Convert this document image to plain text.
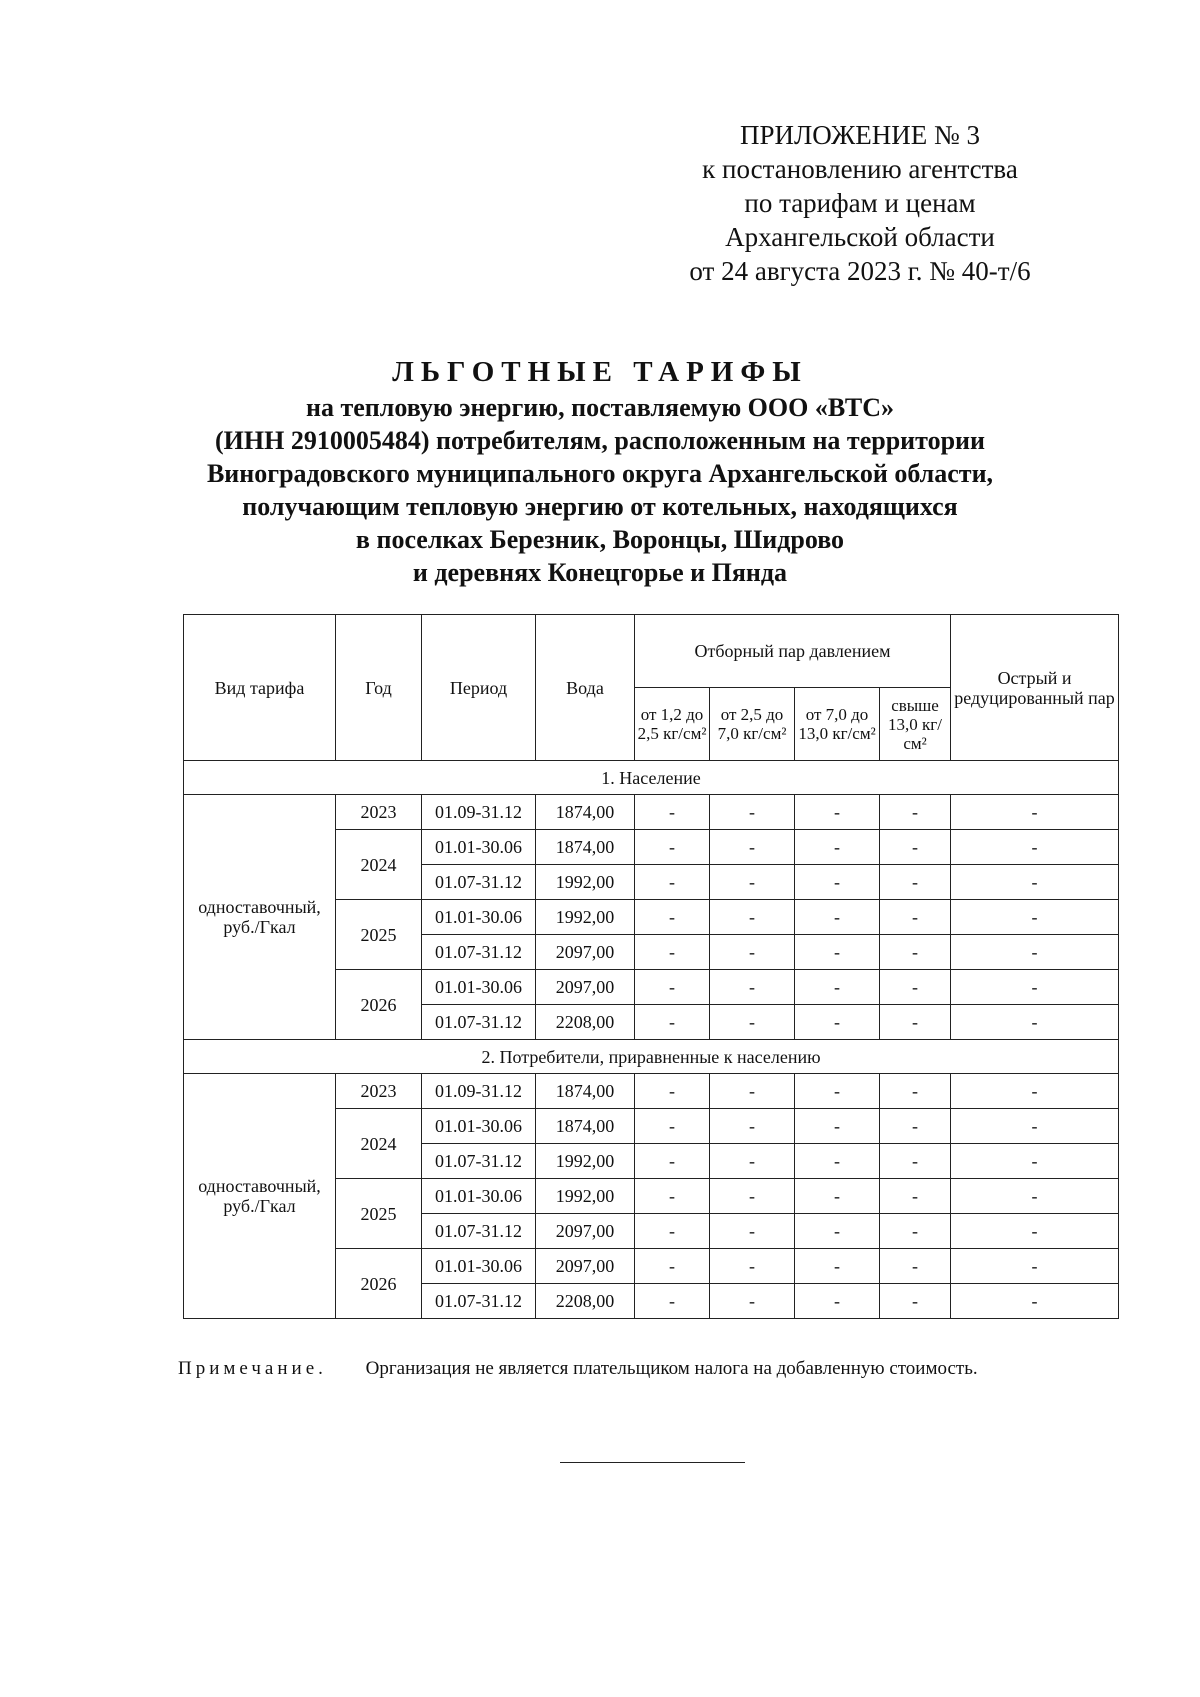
ПРИЛОЖЕНИЕ № 3
к постановлению агентства
по тарифам и ценам
Архангельской области
от 24 августа 2023 г. № 40-т/6
ЛЬГОТНЫЕ ТАРИФЫ
на тепловую энергию, поставляемую ООО «ВТС»
(ИНН 2910005484) потребителям, расположенным на территории
Виноградовского муниципального округа Архангельской области,
получающим тепловую энергию от котельных, находящихся
в поселках Березник, Воронцы, Шидрово
и деревнях Конецгорье и Пянда
Вид тарифа	Год	Период	Вода	Отборный пар давлением				Острый и редуцированный пар
				от 1,2 до 2,5 кг/см²	от 2,5 до 7,0 кг/см²	от 7,0 до 13,0 кг/см²	свыше 13,0 кг/см²	
1. Население								
одноставочный, руб./Гкал	2023	01.09-31.12	1874,00	-	-	-	-	-
	2024	01.01-30.06	1874,00	-	-	-	-	-
		01.07-31.12	1992,00	-	-	-	-	-
	2025	01.01-30.06	1992,00	-	-	-	-	-
		01.07-31.12	2097,00	-	-	-	-	-
	2026	01.01-30.06	2097,00	-	-	-	-	-
		01.07-31.12	2208,00	-	-	-	-	-
2. Потребители, приравненные к населению								
одноставочный, руб./Гкал	2023	01.09-31.12	1874,00	-	-	-	-	-
	2024	01.01-30.06	1874,00	-	-	-	-	-
		01.07-31.12	1992,00	-	-	-	-	-
	2025	01.01-30.06	1992,00	-	-	-	-	-
		01.07-31.12	2097,00	-	-	-	-	-
	2026	01.01-30.06	2097,00	-	-	-	-	-
		01.07-31.12	2208,00	-	-	-	-	-
Примечание. Организация не является плательщиком налога на добавленную стоимость.
